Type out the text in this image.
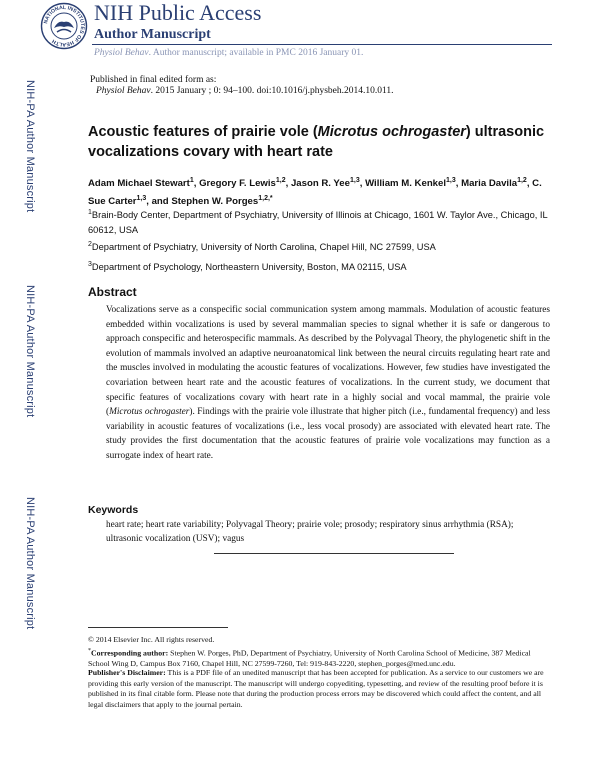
NIH-PA Author Manuscript
NIH-PA Author Manuscript
NIH-PA Author Manuscript
NATIONAL INSTITUTES OF HEALTH
NIH Public Access
Author Manuscript
Physiol Behav. Author manuscript; available in PMC 2016 January 01.
Published in final edited form as:
Physiol Behav. 2015 January ; 0: 94–100. doi:10.1016/j.physbeh.2014.10.011.
Acoustic features of prairie vole (Microtus ochrogaster) ultrasonic vocalizations covary with heart rate
Adam Michael Stewart$^1$, Gregory F. Lewis$^{1,2}$, Jason R. Yee$^{1,3}$, William M. Kenkel$^{1,3}$, Maria Davila$^{1,2}$, C. Sue Carter$^{1,3}$, and Stephen W. Porges$^{1,2,*}$
$^1$Brain-Body Center, Department of Psychiatry, University of Illinois at Chicago, 1601 W. Taylor Ave., Chicago, IL 60612, USA
$^2$Department of Psychiatry, University of North Carolina, Chapel Hill, NC 27599, USA
$^3$Department of Psychology, Northeastern University, Boston, MA 02115, USA
Abstract
Vocalizations serve as a conspecific social communication system among mammals. Modulation of acoustic features embedded within vocalizations is used by several mammalian species to signal whether it is safe or dangerous to approach conspecific and heterospecific mammals. As described by the Polyvagal Theory, the phylogenetic shift in the evolution of mammals involved an adaptive neuroanatomical link between the neural circuits regulating heart rate and the muscles involved in modulating the acoustic features of vocalizations. However, few studies have investigated the covariation between heart rate and the acoustic features of vocalizations. In the current study, we document that specific features of vocalizations covary with heart rate in a highly social and vocal mammal, the prairie vole (Microtus ochrogaster). Findings with the prairie vole illustrate that higher pitch (i.e., fundamental frequency) and less variability in acoustic features of vocalizations (i.e., less vocal prosody) are associated with elevated heart rate. The study provides the first documentation that the acoustic features of prairie vole vocalizations may function as a surrogate index of heart rate.
Keywords
heart rate; heart rate variability; Polyvagal Theory; prairie vole; prosody; respiratory sinus arrhythmia (RSA); ultrasonic vocalization (USV); vagus
© 2014 Elsevier Inc. All rights reserved.
*Corresponding author: Stephen W. Porges, PhD, Department of Psychiatry, University of North Carolina School of Medicine, 387 Medical School Wing D, Campus Box 7160, Chapel Hill, NC 27599-7260, Tel: 919-843-2220, stephen_porges@med.unc.edu.
Publisher's Disclaimer: This is a PDF file of an unedited manuscript that has been accepted for publication. As a service to our customers we are providing this early version of the manuscript. The manuscript will undergo copyediting, typesetting, and review of the resulting proof before it is published in its final citable form. Please note that during the production process errors may be discovered which could affect the content, and all legal disclaimers that apply to the journal pertain.
